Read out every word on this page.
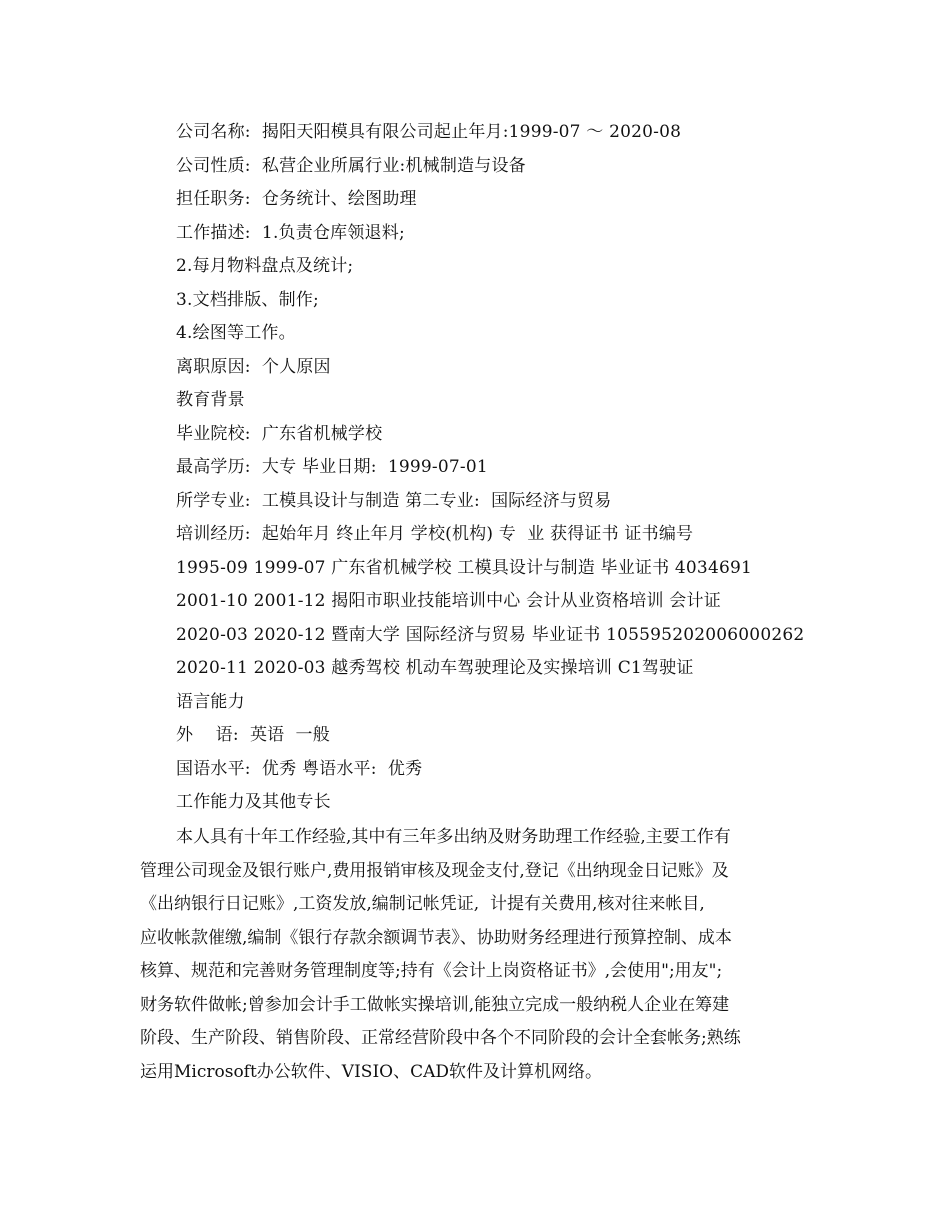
公司名称:  揭阳天阳模具有限公司起止年月:1999-07 ～ 2020-08
公司性质:  私营企业所属行业:机械制造与设备
担任职务:  仓务统计、绘图助理
工作描述:  1.负责仓库领退料;
2.每月物料盘点及统计;
3.文档排版、制作;
4.绘图等工作。
离职原因:  个人原因
教育背景
毕业院校:  广东省机械学校
最高学历:  大专 毕业日期:  1999-07-01
所学专业:  工模具设计与制造 第二专业:  国际经济与贸易
培训经历:  起始年月 终止年月 学校(机构) 专  业 获得证书 证书编号
1995-09 1999-07 广东省机械学校 工模具设计与制造 毕业证书 4034691
2001-10 2001-12 揭阳市职业技能培训中心 会计从业资格培训 会计证
2020-03 2020-12 暨南大学 国际经济与贸易 毕业证书 105595202006000262
2020-11 2020-03 越秀驾校 机动车驾驶理论及实操培训 C1驾驶证
语言能力
外    语:  英语  一般
国语水平:  优秀 粤语水平:  优秀
工作能力及其他专长
本人具有十年工作经验,其中有三年多出纳及财务助理工作经验,主要工作有
管理公司现金及银行账户,费用报销审核及现金支付,登记《出纳现金日记账》及
《出纳银行日记账》,工资发放,编制记帐凭证,  计提有关费用,核对往来帐目,
应收帐款催缴,编制《银行存款余额调节表》、协助财务经理进行预算控制、成本
核算、规范和完善财务管理制度等;持有《会计上岗资格证书》,会使用";用友";
财务软件做帐;曾参加会计手工做帐实操培训,能独立完成一般纳税人企业在筹建
阶段、生产阶段、销售阶段、正常经营阶段中各个不同阶段的会计全套帐务;熟练
运用Microsoft办公软件、VISIO、CAD软件及计算机网络。
